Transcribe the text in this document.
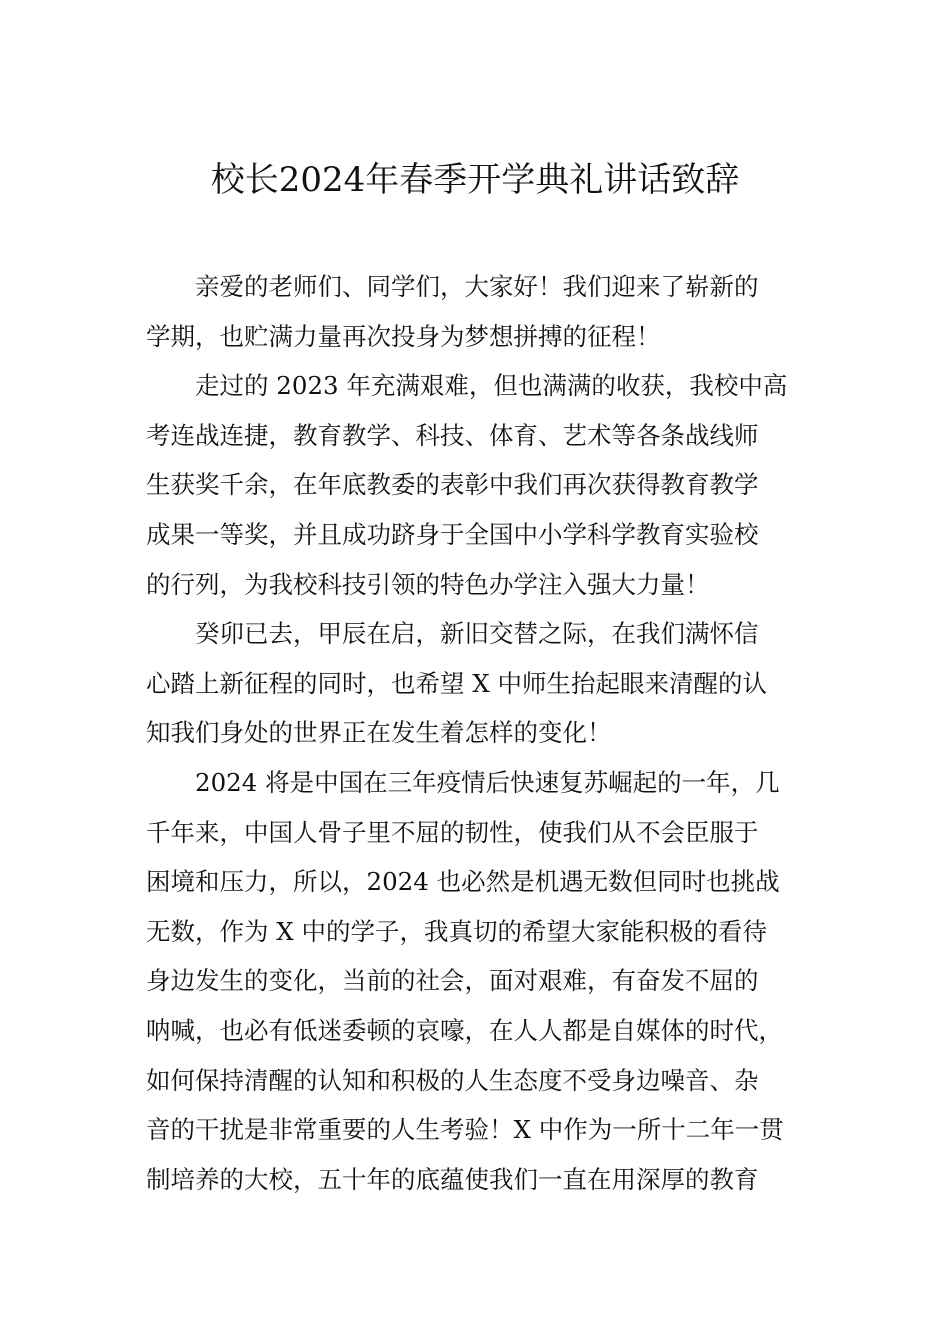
校长2024年春季开学典礼讲话致辞
亲爱的老师们、同学们，大家好！我们迎来了崭新的
学期，也贮满力量再次投身为梦想拼搏的征程！
走过的 2023 年充满艰难，但也满满的收获，我校中高
考连战连捷，教育教学、科技、体育、艺术等各条战线师
生获奖千余，在年底教委的表彰中我们再次获得教育教学
成果一等奖，并且成功跻身于全国中小学科学教育实验校
的行列，为我校科技引领的特色办学注入强大力量！
癸卯已去，甲辰在启，新旧交替之际，在我们满怀信
心踏上新征程的同时，也希望 X 中师生抬起眼来清醒的认
知我们身处的世界正在发生着怎样的变化！
2024 将是中国在三年疫情后快速复苏崛起的一年，几
千年来，中国人骨子里不屈的韧性，使我们从不会臣服于
困境和压力，所以，2024 也必然是机遇无数但同时也挑战
无数，作为 X 中的学子，我真切的希望大家能积极的看待
身边发生的变化，当前的社会，面对艰难，有奋发不屈的
呐喊，也必有低迷委顿的哀嚎，在人人都是自媒体的时代，
如何保持清醒的认知和积极的人生态度不受身边噪音、杂
音的干扰是非常重要的人生考验！X 中作为一所十二年一贯
制培养的大校，五十年的底蕴使我们一直在用深厚的教育
